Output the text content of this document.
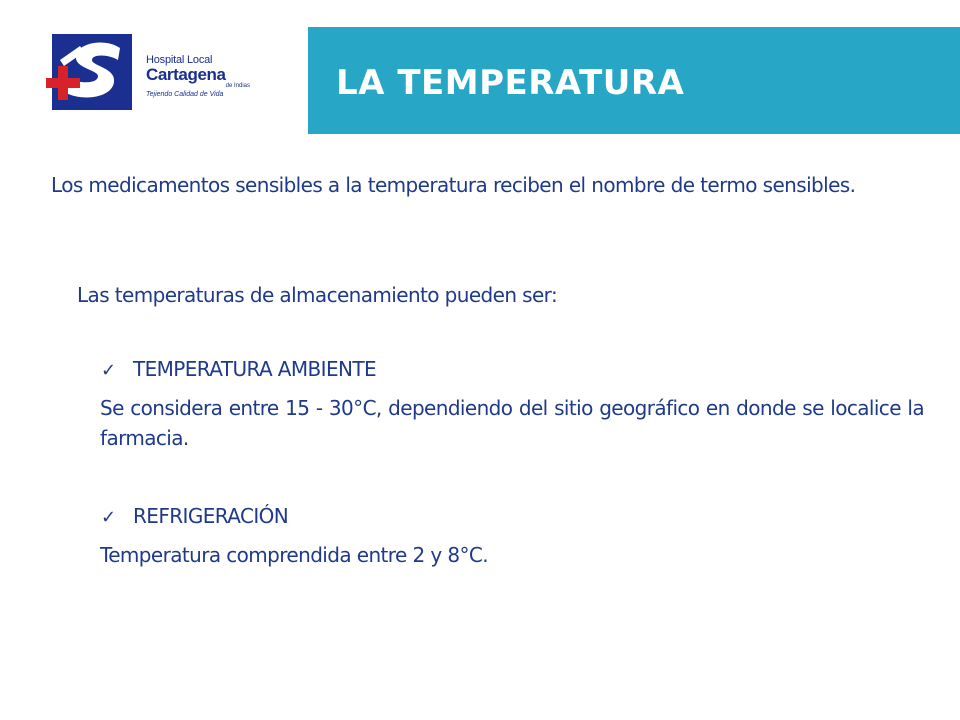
Hospital Local
Cartagena
de Indias
Tejiendo Calidad de Vida	LA TEMPERATURA
Los medicamentos sensibles a la temperatura reciben el nombre de termo sensibles.
Las temperaturas de almacenamiento pueden ser:
✓ TEMPERATURA AMBIENTE
Se considera entre 15 - 30°C, dependiendo del sitio geográfico en donde se localice la farmacia.
✓ REFRIGERACIÓN
Temperatura comprendida entre 2 y 8°C.
